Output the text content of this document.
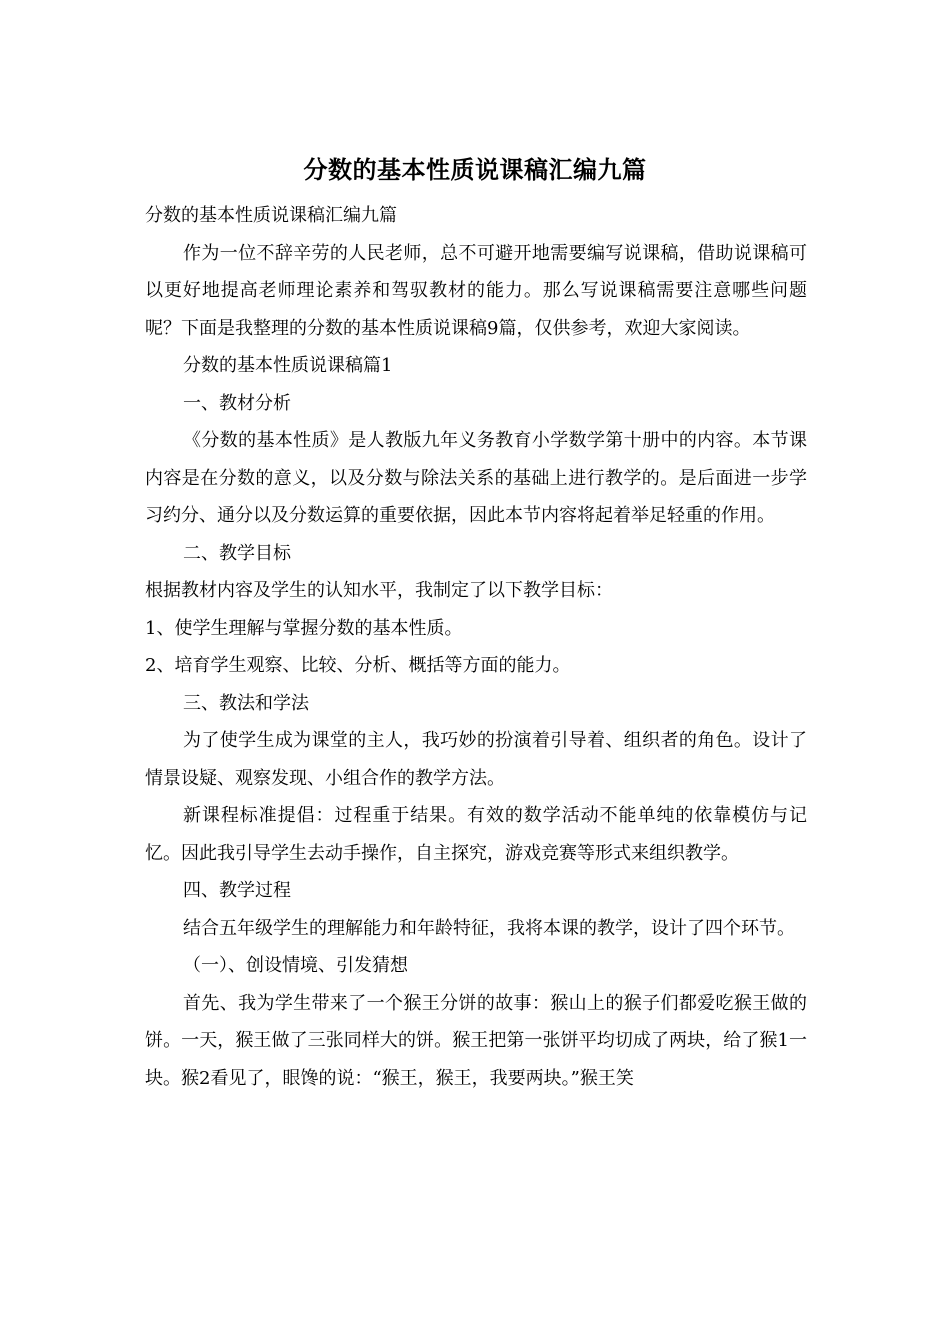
分数的基本性质说课稿汇编九篇

分数的基本性质说课稿汇编九篇

作为一位不辞辛劳的人民老师，总不可避开地需要编写说课稿，借助说课稿可以更好地提高老师理论素养和驾驭教材的能力。那么写说课稿需要注意哪些问题呢？下面是我整理的分数的基本性质说课稿9篇，仅供参考，欢迎大家阅读。

分数的基本性质说课稿篇1

一、教材分析

《分数的基本性质》是人教版九年义务教育小学数学第十册中的内容。本节课内容是在分数的意义，以及分数与除法关系的基础上进行教学的。是后面进一步学习约分、通分以及分数运算的重要依据，因此本节内容将起着举足轻重的作用。

二、教学目标

根据教材内容及学生的认知水平，我制定了以下教学目标：

1、使学生理解与掌握分数的基本性质。

2、培育学生观察、比较、分析、概括等方面的能力。

三、教法和学法

为了使学生成为课堂的主人，我巧妙的扮演着引导着、组织者的角色。设计了情景设疑、观察发现、小组合作的教学方法。

新课程标准提倡：过程重于结果。有效的数学活动不能单纯的依靠模仿与记忆。因此我引导学生去动手操作，自主探究，游戏竞赛等形式来组织教学。

四、教学过程

结合五年级学生的理解能力和年龄特征，我将本课的教学，设计了四个环节。

（一）、创设情境、引发猜想

首先、我为学生带来了一个猴王分饼的故事：猴山上的猴子们都爱吃猴王做的饼。一天，猴王做了三张同样大的饼。猴王把第一张饼平均切成了两块，给了猴1一块。猴2看见了，眼馋的说：“猴王，猴王，我要两块。”猴王笑
